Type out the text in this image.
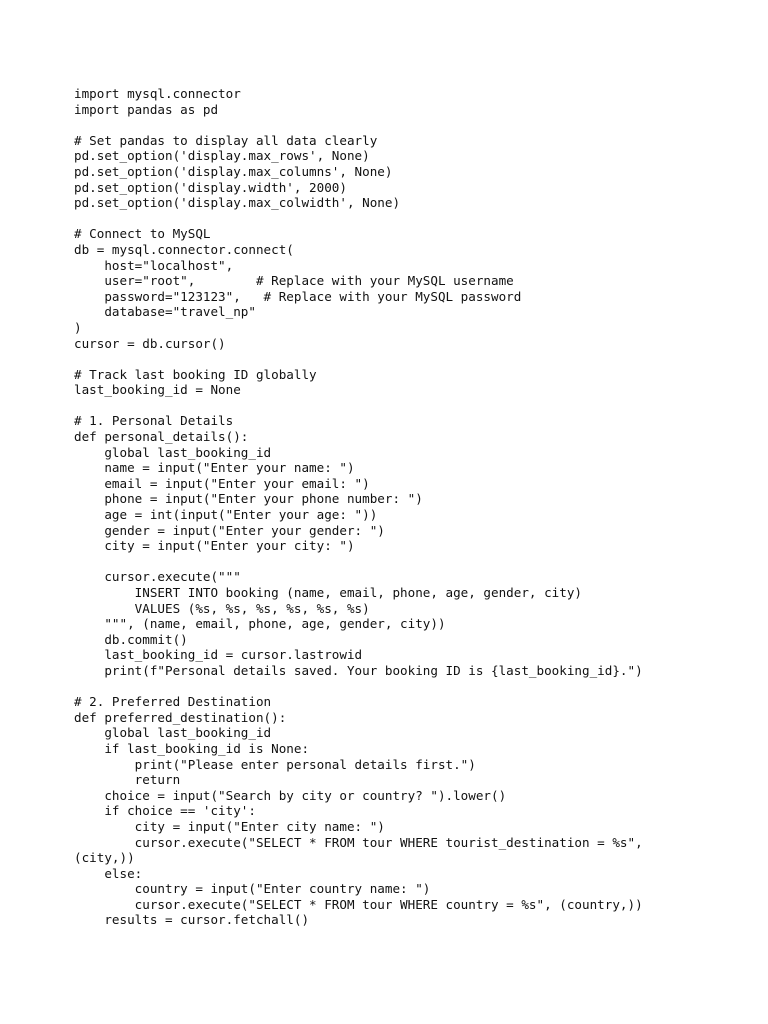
import mysql.connector
import pandas as pd
# Set pandas to display all data clearly
pd.set_option('display.max_rows', None)
pd.set_option('display.max_columns', None)
pd.set_option('display.width', 2000)
pd.set_option('display.max_colwidth', None)
# Connect to MySQL
db = mysql.connector.connect(
host="localhost",
user="root",        # Replace with your MySQL username
password="123123",   # Replace with your MySQL password
database="travel_np"
)
cursor = db.cursor()
# Track last booking ID globally
last_booking_id = None
# 1. Personal Details
def personal_details():
global last_booking_id
name = input("Enter your name: ")
email = input("Enter your email: ")
phone = input("Enter your phone number: ")
age = int(input("Enter your age: "))
gender = input("Enter your gender: ")
city = input("Enter your city: ")
cursor.execute("""
INSERT INTO booking (name, email, phone, age, gender, city)
VALUES (%s, %s, %s, %s, %s, %s)
""", (name, email, phone, age, gender, city))
db.commit()
last_booking_id = cursor.lastrowid
print(f"Personal details saved. Your booking ID is {last_booking_id}.")
# 2. Preferred Destination
def preferred_destination():
global last_booking_id
if last_booking_id is None:
print("Please enter personal details first.")
return
choice = input("Search by city or country? ").lower()
if choice == 'city':
city = input("Enter city name: ")
cursor.execute("SELECT * FROM tour WHERE tourist_destination = %s",
(city,))
else:
country = input("Enter country name: ")
cursor.execute("SELECT * FROM tour WHERE country = %s", (country,))
results = cursor.fetchall()
